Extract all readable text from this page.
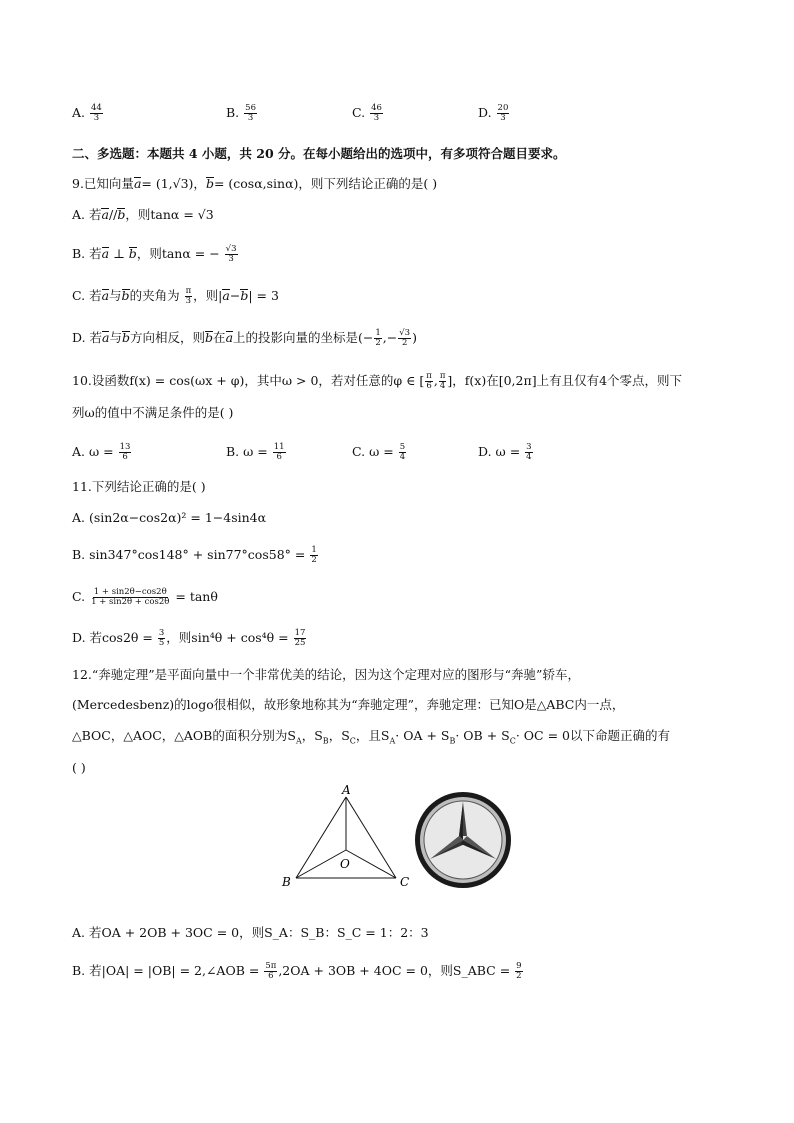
A. $\frac{44}{3}$	B. $\frac{56}{3}$	C. $\frac{46}{3}$	D. $\frac{20}{3}$
二、多选题：本题共 4 小题，共 20 分。在每小题给出的选项中，有多项符合题目要求。
9.已知向量a= (1,√3)，b= (cosα,sinα)，则下列结论正确的是( )
A. 若a//b，则tanα = √3
B. 若a ⊥ b，则tanα = − $\frac{√3}{3}$
C. 若a与b的夹角为 $\frac{\pi}{3}$ ，则|a−b| = 3
D. 若a与b方向相反，则b在a上的投影向量的坐标是(− $\frac{1}{2}$ ,− $\frac{√3}{2}$ )
10.设函数f(x) = cos(ωx + φ)，其中ω > 0，若对任意的φ ∈ [ $\frac{\pi}{6}$ , $\frac{\pi}{4}$ ]，f(x)在[0,2π]上有且仅有4个零点，则下
列ω的值中不满足条件的是( )
A. $\omega = \frac{13}{6}$	B. $\omega = \frac{11}{6}$	C. $\omega = \frac{5}{4}$	D. $\omega = \frac{3}{4}$
11.下列结论正确的是( )
A. (sin2α−cos2α)² = 1−4sin4α
B. $\sin 347^\circ\cos 148^\circ + \sin 77^\circ\cos 58^\circ = \frac{1}{2}$
C. $\frac{1 + \sin 2\theta-\cos 2\theta}{1 + \sin 2\theta + \cos 2\theta} = \tan\theta$
D. 若$\cos 2\theta = \frac{3}{5}$ ，则$\sin^4\theta + \cos^4\theta = \frac{17}{25}$
12.“奔驰定理”是平面向量中一个非常优美的结论，因为这个定理对应的图形与“奔驰”轿车，
(Mercedesbenz)的logo很相似，故形象地称其为“奔驰定理”，奔驰定理：已知O是△ABC内一点，
△BOC，△AOC，△AOB的面积分别为$S_A$，$S_B$，$S_C$，且$S_A\cdot$ OA + $S_B\cdot$ OB + $S_C\cdot$ OC = 0以下命题正确的有
( )
A
B	C
O
A. 若OA + 2OB + 3OC = 0，则S_A：S_B：S_C = 1：2：3
B. 若|OA| = |OB| = 2,∠AOB = $\frac{5\pi}{6} ,2OA + 3OB + 4OC = 0$，则S_ABC = $\frac{9}{2}$
